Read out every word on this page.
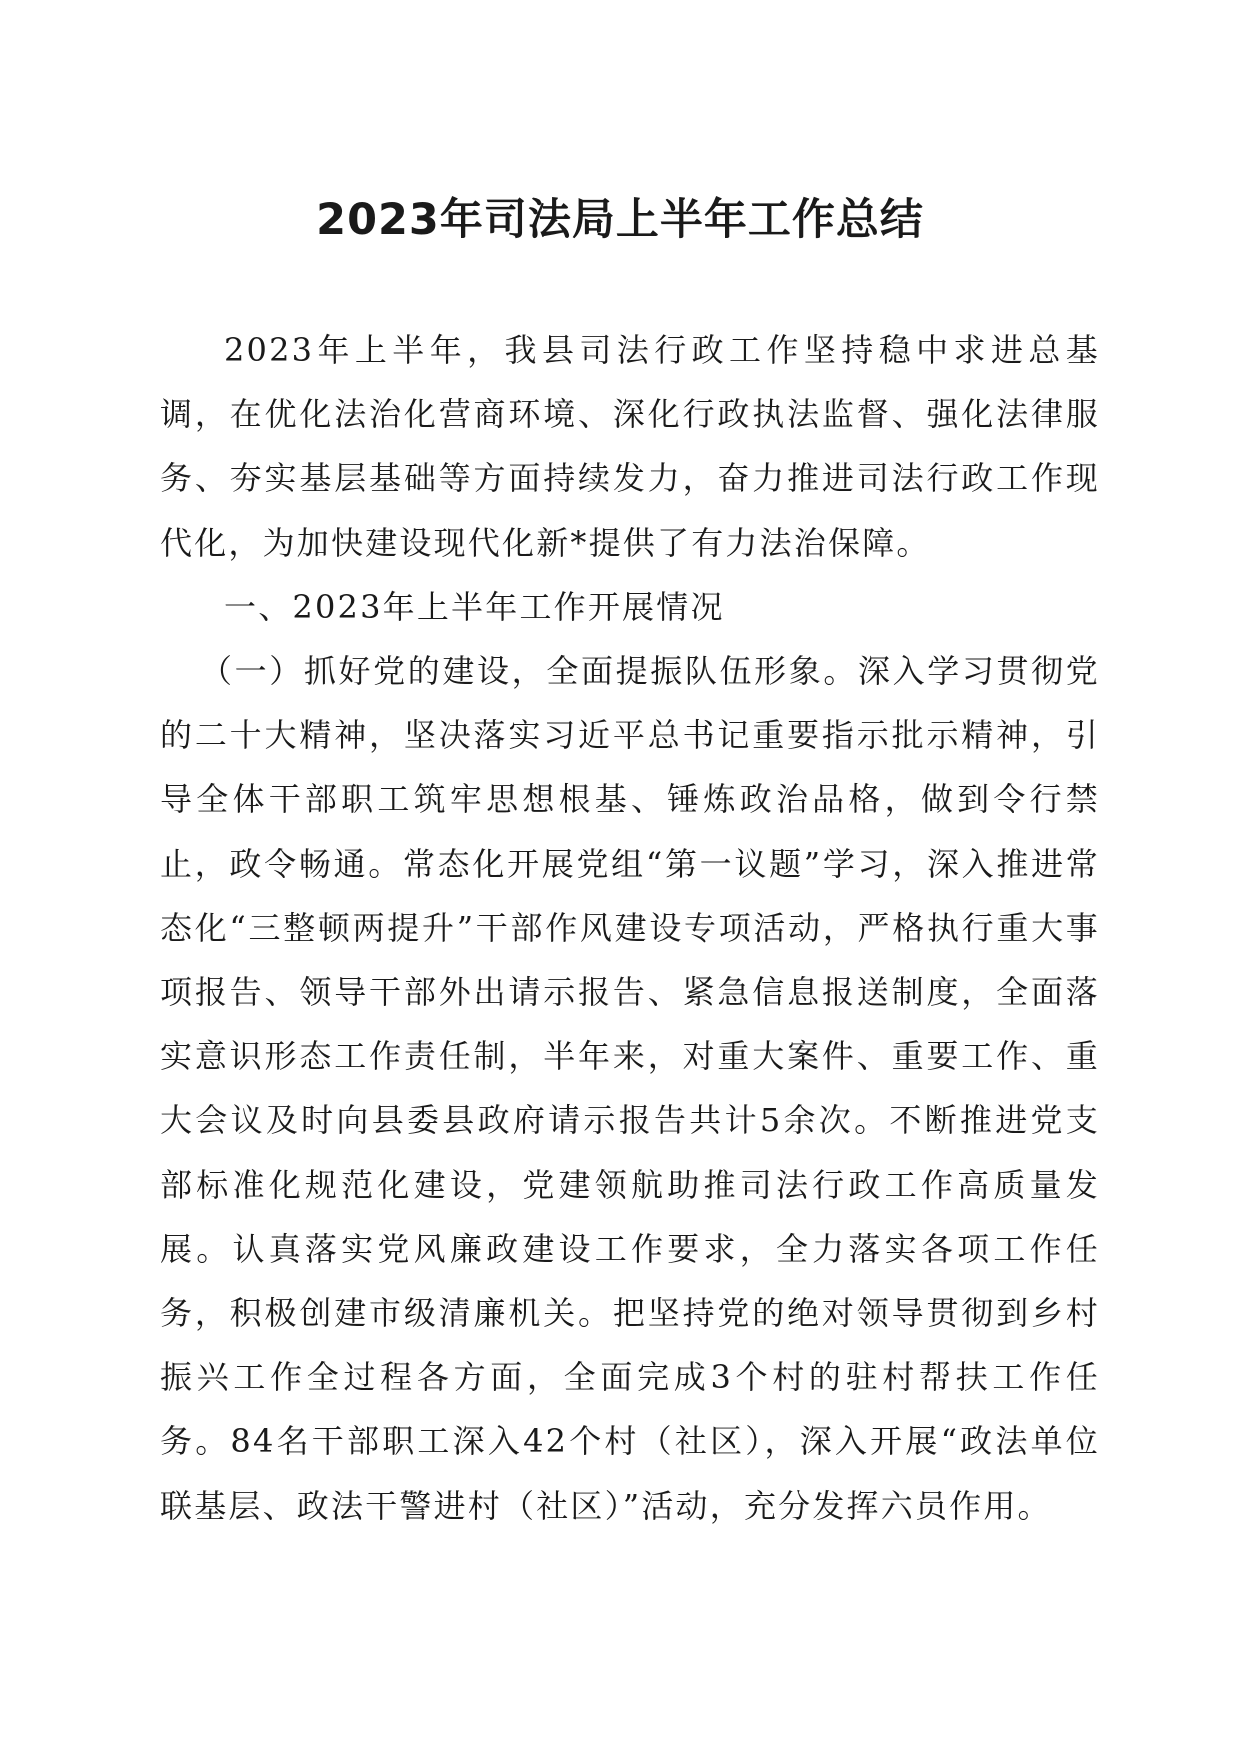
2023年司法局上半年工作总结

2023年上半年，我县司法行政工作坚持稳中求进总基调，在优化法治化营商环境、深化行政执法监督、强化法律服务、夯实基层基础等方面持续发力，奋力推进司法行政工作现代化，为加快建设现代化新*提供了有力法治保障。

一、2023年上半年工作开展情况

（一）抓好党的建设，全面提振队伍形象。深入学习贯彻党的二十大精神，坚决落实习近平总书记重要指示批示精神，引导全体干部职工筑牢思想根基、锤炼政治品格，做到令行禁止，政令畅通。常态化开展党组“第一议题”学习，深入推进常态化“三整顿两提升”干部作风建设专项活动，严格执行重大事项报告、领导干部外出请示报告、紧急信息报送制度，全面落实意识形态工作责任制，半年来，对重大案件、重要工作、重大会议及时向县委县政府请示报告共计5余次。不断推进党支部标准化规范化建设，党建领航助推司法行政工作高质量发展。认真落实党风廉政建设工作要求，全力落实各项工作任务，积极创建市级清廉机关。把坚持党的绝对领导贯彻到乡村振兴工作全过程各方面，全面完成3个村的驻村帮扶工作任务。84名干部职工深入42个村（社区），深入开展“政法单位联基层、政法干警进村（社区）”活动，充分发挥六员作用。
